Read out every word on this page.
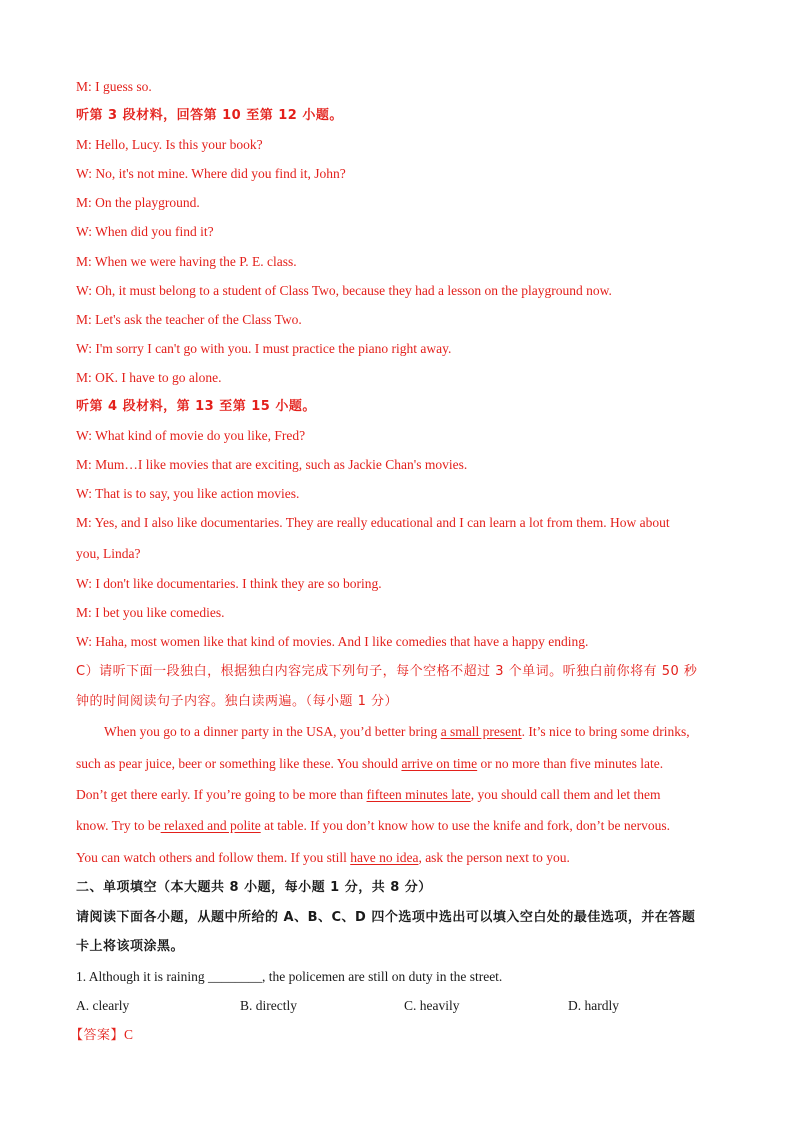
M: I guess so.
听第 3 段材料，回答第 10 至第 12 小题。
M: Hello, Lucy. Is this your book?
W: No, it's not mine. Where did you find it, John?
M: On the playground.
W: When did you find it?
M: When we were having the P. E. class.
W: Oh, it must belong to a student of Class Two, because they had a lesson on the playground now.
M: Let's ask the teacher of the Class Two.
W: I'm sorry I can't go with you. I must practice the piano right away.
M: OK. I have to go alone.
听第 4 段材料，第 13 至第 15 小题。
W: What kind of movie do you like, Fred?
M: Mum…I like movies that are exciting, such as Jackie Chan's movies.
W: That is to say, you like action movies.
M: Yes, and I also like documentaries. They are really educational and I can learn a lot from them. How about
you, Linda?
W: I don't like documentaries. I think they are so boring.
M: I bet you like comedies.
W: Haha, most women like that kind of movies. And I like comedies that have a happy ending.
C）请听下面一段独白，根据独白内容完成下列句子，每个空格不超过 3 个单词。听独白前你将有 50 秒
钟的时间阅读句子内容。独白读两遍。（每小题 1 分）
When you go to a dinner party in the USA, you’d better bring a small present. It’s nice to bring some drinks,
such as pear juice, beer or something like these. You should arrive on time or no more than five minutes late.
Don’t get there early. If you’re going to be more than fifteen minutes late, you should call them and let them
know. Try to be relaxed and polite at table. If you don’t know how to use the knife and fork, don’t be nervous.
You can watch others and follow them. If you still have no idea, ask the person next to you.
二、单项填空（本大题共 8 小题，每小题 1 分，共 8 分）
请阅读下面各小题，从题中所给的 A、B、C、D 四个选项中选出可以填入空白处的最佳选项，并在答题
卡上将该项涂黑。
1. Although it is raining ________, the policemen are still on duty in the street.
A. clearly	B. directly	C. heavily	D. hardly
【答案】C
